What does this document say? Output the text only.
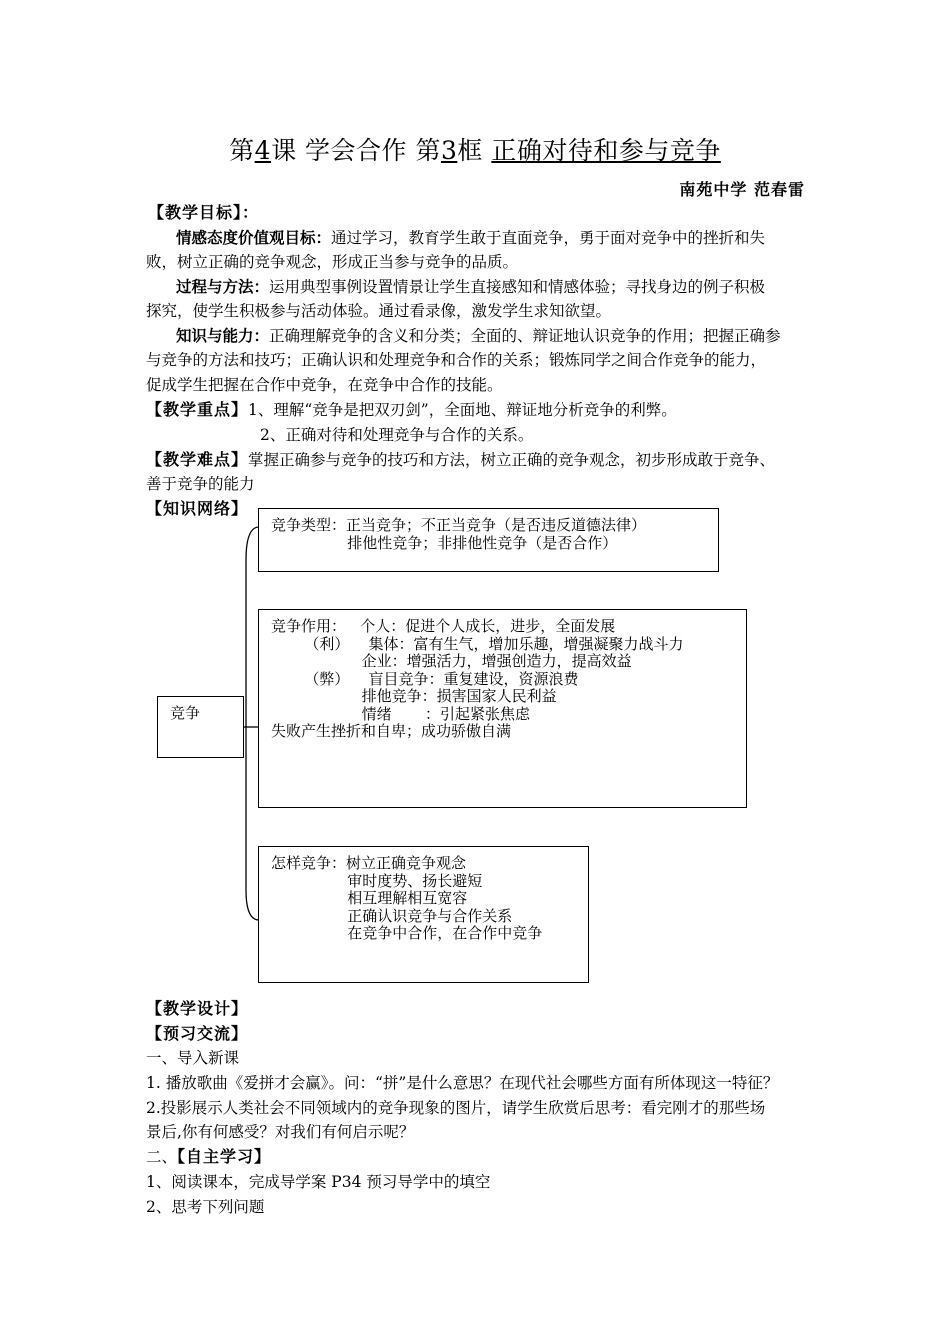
第4课 学会合作 第3框 正确对待和参与竞争
南苑中学 范春雷
【教学目标】：
情感态度价值观目标：通过学习，教育学生敢于直面竞争，勇于面对竞争中的挫折和失
败，树立正确的竞争观念，形成正当参与竞争的品质。
过程与方法：运用典型事例设置情景让学生直接感知和情感体验；寻找身边的例子积极
探究，使学生积极参与活动体验。通过看录像，激发学生求知欲望。
知识与能力：正确理解竞争的含义和分类；全面的、辩证地认识竞争的作用；把握正确参
与竞争的方法和技巧；正确认识和处理竞争和合作的关系；锻炼同学之间合作竞争的能力，
促成学生把握在合作中竞争，在竞争中合作的技能。
【教学重点】1、理解“竞争是把双刃剑”，全面地、辩证地分析竞争的利弊。
2、正确对待和处理竞争与合作的关系。
【教学难点】掌握正确参与竞争的技巧和方法，树立正确的竞争观念，初步形成敢于竞争、
善于竞争的能力
【知识网络】
竞争
竞争类型：正当竞争；不正当竞争（是否违反道德法律）
排他性竞争；非排他性竞争（是否合作）
竞争作用：   个人：促进个人成长，进步，全面发展
（利）    集体：富有生气，增加乐趣，增强凝聚力战斗力
企业：增强活力，增强创造力，提高效益
（弊）    盲目竞争：重复建设，资源浪费
排他竞争：损害国家人民利益
情绪       ：引起紧张焦虑
失败产生挫折和自卑；成功骄傲自满
怎样竞争：树立正确竞争观念
审时度势、扬长避短
相互理解相互宽容
正确认识竞争与合作关系
在竞争中合作，在合作中竞争
【教学设计】
【预习交流】
一、导入新课
1. 播放歌曲《爱拼才会赢》。问：“拼”是什么意思？在现代社会哪些方面有所体现这一特征？
2.投影展示人类社会不同领域内的竞争现象的图片，请学生欣赏后思考：看完刚才的那些场
景后,你有何感受？对我们有何启示呢？
二、【自主学习】
1、阅读课本，完成导学案 P34 预习导学中的填空
2、思考下列问题
